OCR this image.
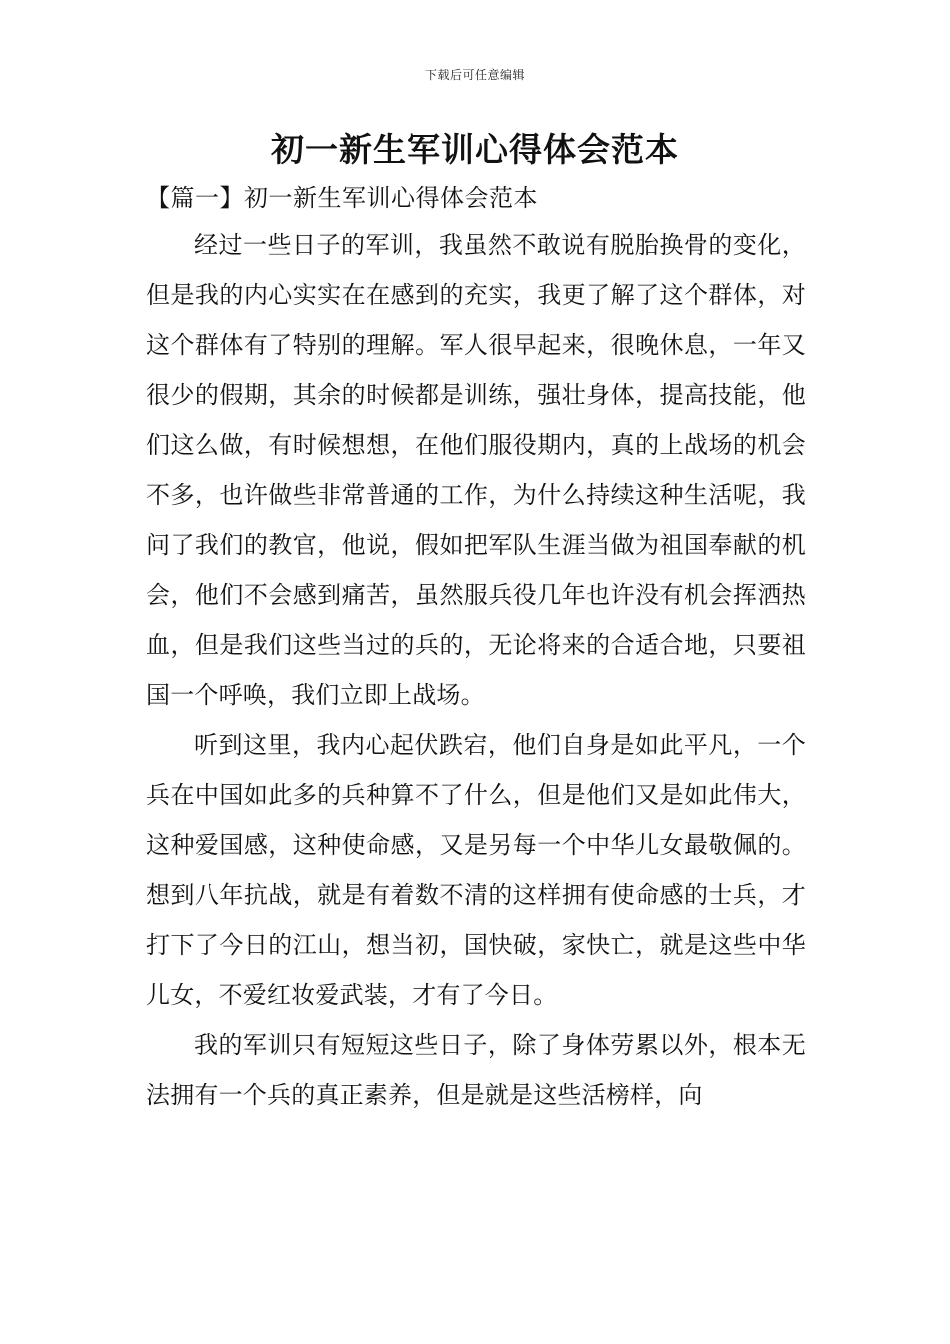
下载后可任意编辑
初一新生军训心得体会范本

【篇一】初一新生军训心得体会范本

经过一些日子的军训，我虽然不敢说有脱胎换骨的变化，但是我的内心实实在在感到的充实，我更了解了这个群体，对这个群体有了特别的理解。军人很早起来，很晚休息，一年又很少的假期，其余的时候都是训练，强壮身体，提高技能，他们这么做，有时候想想，在他们服役期内，真的上战场的机会不多，也许做些非常普通的工作，为什么持续这种生活呢，我问了我们的教官，他说，假如把军队生涯当做为祖国奉献的机会，他们不会感到痛苦，虽然服兵役几年也许没有机会挥洒热血，但是我们这些当过的兵的，无论将来的合适合地，只要祖国一个呼唤，我们立即上战场。

听到这里，我内心起伏跌宕，他们自身是如此平凡，一个兵在中国如此多的兵种算不了什么，但是他们又是如此伟大，这种爱国感，这种使命感，又是另每一个中华儿女最敬佩的。想到八年抗战，就是有着数不清的这样拥有使命感的士兵，才打下了今日的江山，想当初，国快破，家快亡，就是这些中华儿女，不爱红妆爱武装，才有了今日。

我的军训只有短短这些日子，除了身体劳累以外，根本无法拥有一个兵的真正素养，但是就是这些活榜样，向
